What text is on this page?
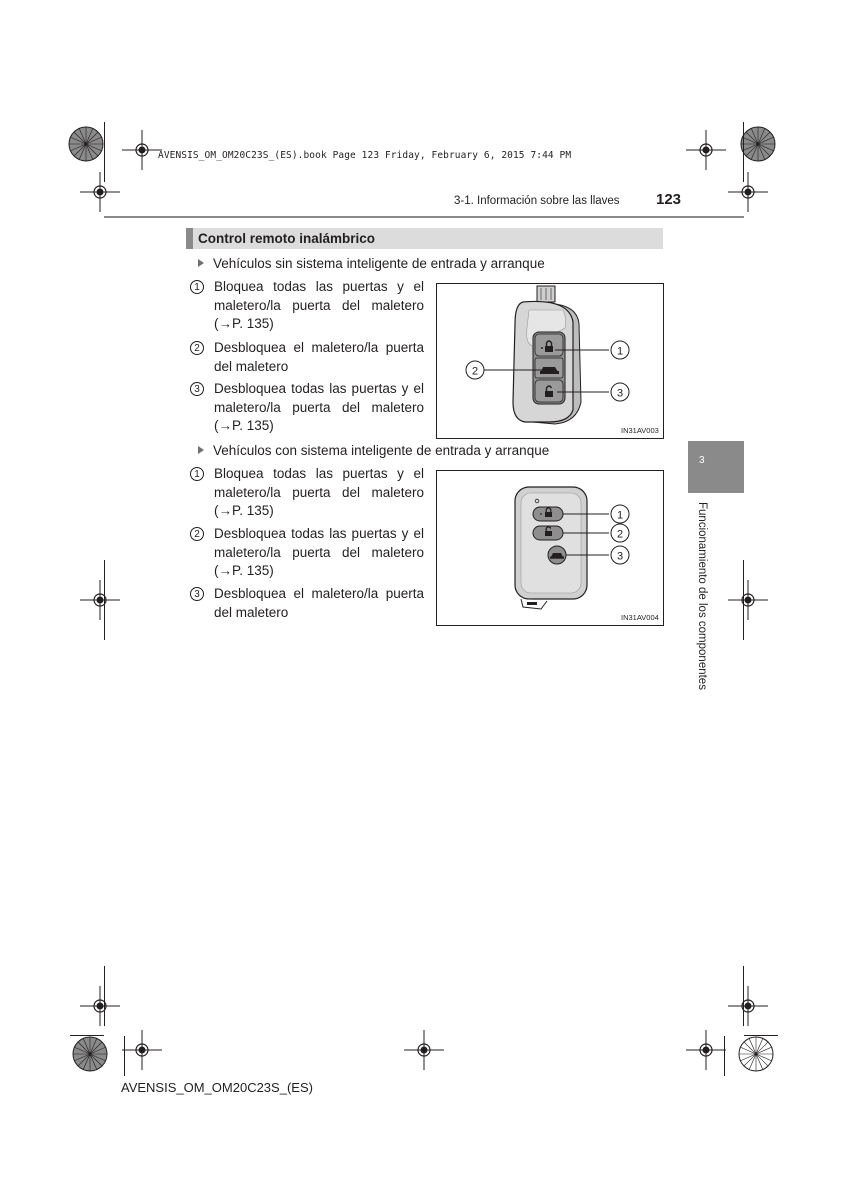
AVENSIS_OM_OM20C23S_(ES).book Page 123 Friday, February 6, 2015 7:44 PM
3-1. Información sobre las llaves 123
3
Funcionamiento de los componentes
Control remoto inalámbrico
Vehículos sin sistema inteligente de entrada y arranque
1	Bloquea todas las puertas y el maletero/la puerta del maletero (→P. 135)
2	Desbloquea el maletero/la puerta del maletero
3	Desbloquea todas las puertas y el maletero/la puerta del maletero (→P. 135)
1
2
3
IN31AV003
Vehículos con sistema inteligente de entrada y arranque
1	Bloquea todas las puertas y el maletero/la puerta del maletero (→P. 135)
2	Desbloquea todas las puertas y el maletero/la puerta del maletero (→P. 135)
3	Desbloquea el maletero/la puerta del maletero
1
2
3
IN31AV004
AVENSIS_OM_OM20C23S_(ES)
